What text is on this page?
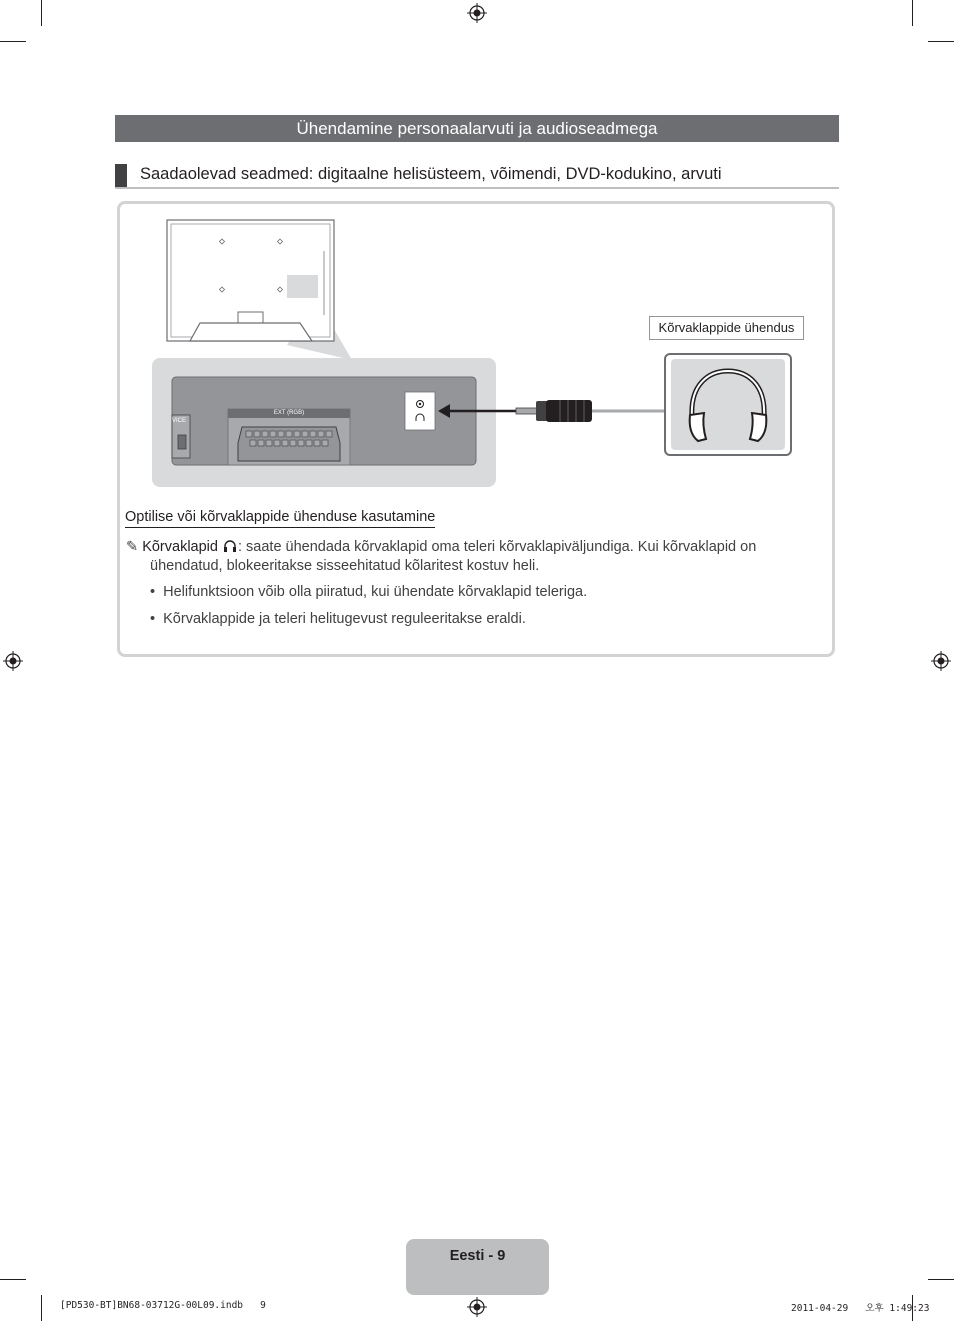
Ühendamine personaalarvuti ja audioseadmega
Saadaolevad seadmed: digitaalne helisüsteem, võimendi, DVD-kodukino, arvuti
EXT (RGB)
VICE
Kõrvaklappide ühendus
Optilise või kõrvaklappide ühenduse kasutamine
✎ Kõrvaklapid : saate ühendada kõrvaklapid oma teleri kõrvaklapiväljundiga. Kui kõrvaklapid on
ühendatud, blokeeritakse sisseehitatud kõlaritest kostuv heli.
•  Helifunktsioon võib olla piiratud, kui ühendate kõrvaklapid teleriga.
•  Kõrvaklappide ja teleri helitugevust reguleeritakse eraldi.
Eesti - 9
[PD530-BT]BN68-03712G-00L09.indb   9	2011-04-29   오후 1:49:23
